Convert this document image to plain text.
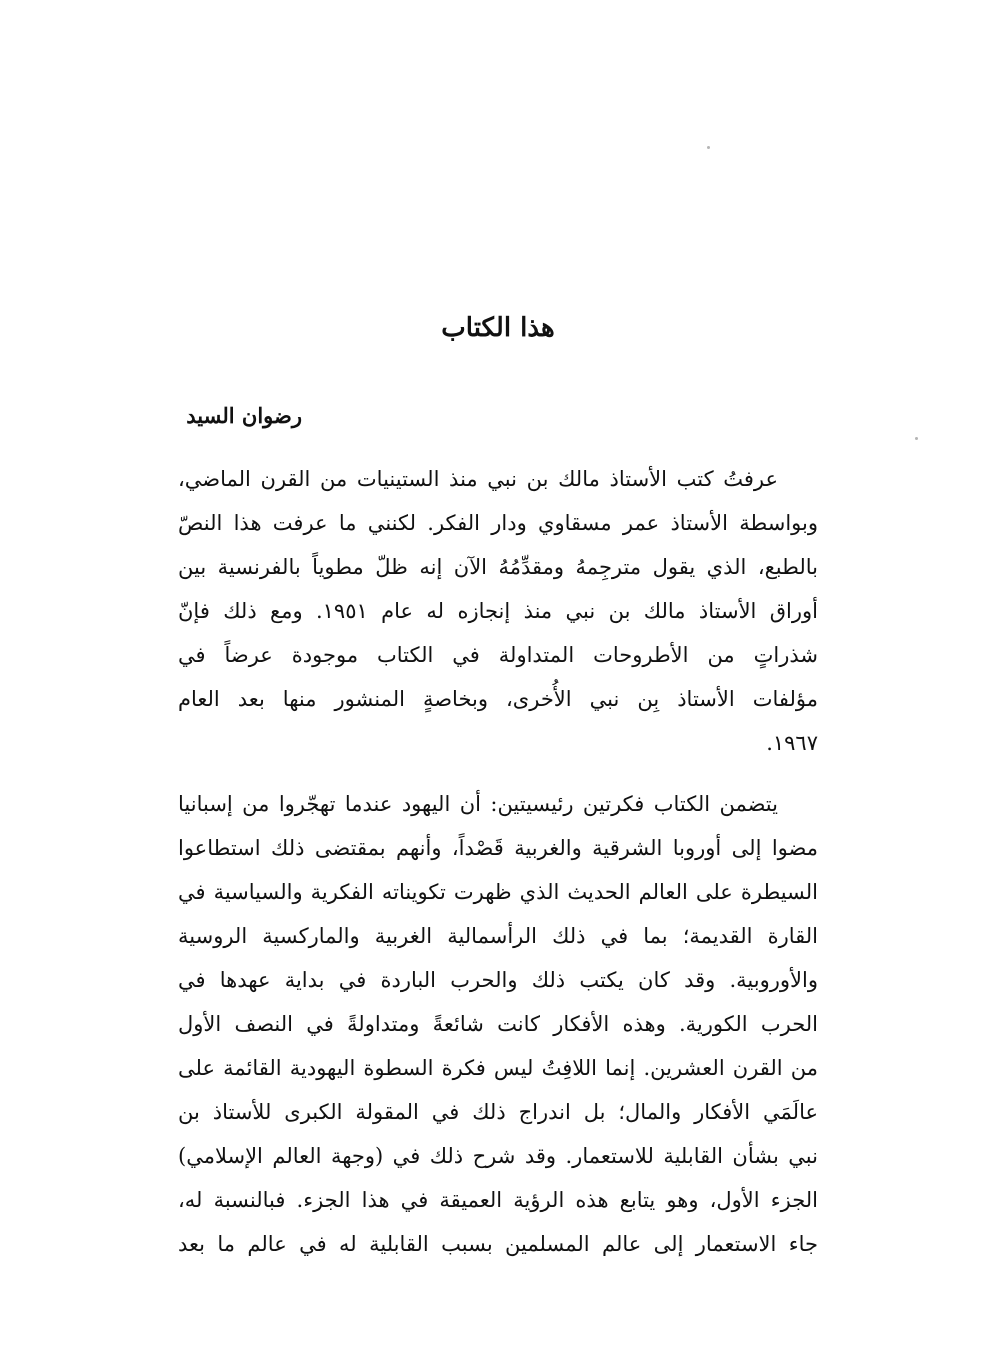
هذا الكتاب
رضوان السيد
عرفتُ كتب الأستاذ مالك بن نبي منذ الستينيات من القرن الماضي،
وبواسطة الأستاذ عمر مسقاوي ودار الفكر. لكنني ما عرفت هذا النصّ
بالطبع، الذي يقول مترجِمهُ ومقدِّمُهُ الآن إنه ظلّ مطوياً بالفرنسية بين
أوراق الأستاذ مالك بن نبي منذ إنجازه له عام ١٩٥١. ومع ذلك فإنّ
شذراتٍ من الأطروحات المتداولة في الكتاب موجودة عرضاً في
مؤلفات الأستاذ بِن نبي الأُخرى، وبخاصةٍ المنشور منها بعد العام
١٩٦٧.
يتضمن الكتاب فكرتين رئيسيتين: أن اليهود عندما تهجّروا من إسبانيا
مضوا إلى أوروبا الشرقية والغربية قَصْداً، وأنهم بمقتضى ذلك استطاعوا
السيطرة على العالم الحديث الذي ظهرت تكويناته الفكرية والسياسية في
القارة القديمة؛ بما في ذلك الرأسمالية الغربية والماركسية الروسية
والأوروبية. وقد كان يكتب ذلك والحرب الباردة في بداية عهدها في
الحرب الكورية. وهذه الأفكار كانت شائعةً ومتداولةً في النصف الأول
من القرن العشرين. إنما اللافِتُ ليس فكرة السطوة اليهودية القائمة على
عالَمَي الأفكار والمال؛ بل اندراج ذلك في المقولة الكبرى للأستاذ بن
نبي بشأن القابلية للاستعمار. وقد شرح ذلك في (وجهة العالم الإسلامي)
الجزء الأول، وهو يتابع هذه الرؤية العميقة في هذا الجزء. فبالنسبة له،
جاء الاستعمار إلى عالم المسلمين بسبب القابلية له في عالم ما بعد
